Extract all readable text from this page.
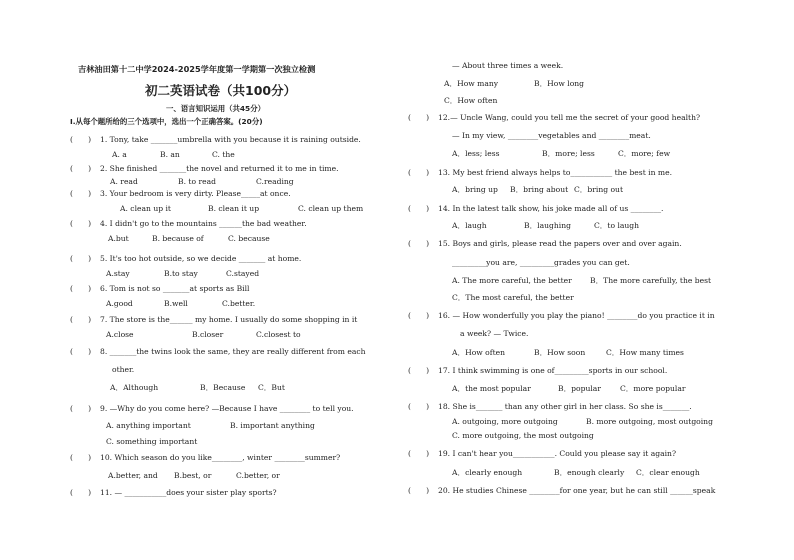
吉林油田第十二中学2024-2025学年度第一学期第一次独立检测
初二英语试卷（共100分）
一、语言知识运用（共45分）
Ⅰ.从每个题所给的三个选项中，选出一个正确答案。(20分)
(　　)	1. Tony, take _______umbrella with you because it is raining outside.
A. a	B. an	C. the
(　　)	2. She finished _______the novel and returned it to me in time.
A. read	B. to read	C.reading
(　　)	3. Your bedroom is very dirty. Please_____at once.
A. clean up it	B. clean it up	C. clean up them
(　　)	4. I didn't go to the mountains ______the bad weather.
A.but	B. because of	C. because
(　　)	5. It's too hot outside, so we decide _______ at home.
A.stay	B.to stay	C.stayed
(　　)	6. Tom is not so _______at sports as Bill
A.good	B.well	C.better.
(　　)	7. The store is the______ my home. I usually do some shopping in it
A.close	B.closer	C.closest to
(　　)	8. _______the twins look the same, they are really different from each
other.
A．Although	B．Because	C．But
(　　)	9. —Why do you come here? —Because I have ________ to tell you.
A. anything important	B. important anything
C. something important
(　　)	10. Which season do you like________, winter ________summer?
A.better, and	B.best, or	C.better, or
(　　)	11. — ___________does your sister play sports?
— About three times a week.
A．How many	B．How long
C．How often
(　　)	12.— Uncle Wang, could you tell me the secret of your good health?
— In my view, ________vegetables and ________meat.
A．less; less	B．more; less	C．more; few
(　　)	13. My best friend always helps to___________ the best in me.
A．bring up	B．bring about C．bring out
(　　)	14. In the latest talk show, his joke made all of us ________.
A．laugh	B．laughing	C．to laugh
(　　)	15. Boys and girls, please read the papers over and over again.
_________you are, _________grades you can get.
A. The more careful, the better	B．The more carefully, the best
C．The most careful, the better
(　　)	16. — How wonderfully you play the piano! ________do you practice it in
a week? — Twice.
A．How often	B．How soon	C．How many times
(　　)	17. I think swimming is one of_________sports in our school.
A．the most popular	B．popular	C．more popular
(　　)	18. She is_______ than any other girl in her class. So she is_______.
A. outgoing, more outgoing	B. more outgoing, most outgoing
C. more outgoing, the most outgoing
(　　)	19. I can't hear you___________. Could you please say it again?
A．clearly enough	B．enough clearly	C．clear enough
(　　)	20. He studies Chinese ________for one year, but he can still ______speak
